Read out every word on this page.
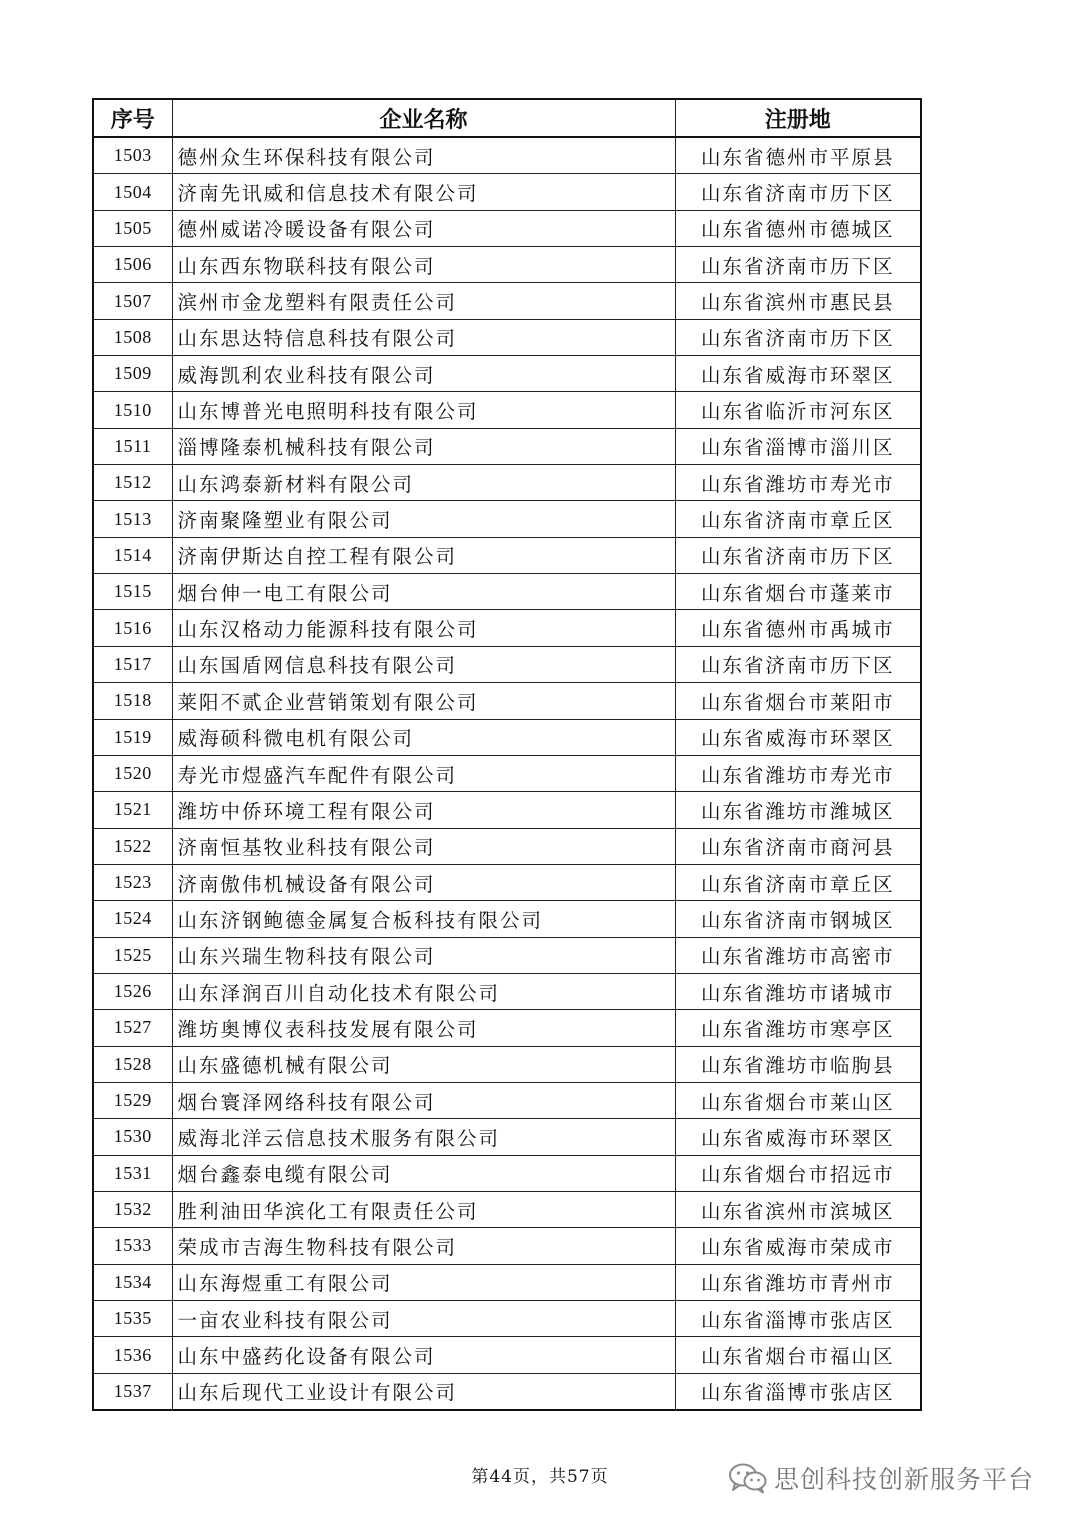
序号	企业名称	注册地
1503	德州众生环保科技有限公司	山东省德州市平原县
1504	济南先讯威和信息技术有限公司	山东省济南市历下区
1505	德州威诺冷暖设备有限公司	山东省德州市德城区
1506	山东西东物联科技有限公司	山东省济南市历下区
1507	滨州市金龙塑料有限责任公司	山东省滨州市惠民县
1508	山东思达特信息科技有限公司	山东省济南市历下区
1509	威海凯利农业科技有限公司	山东省威海市环翠区
1510	山东博普光电照明科技有限公司	山东省临沂市河东区
1511	淄博隆泰机械科技有限公司	山东省淄博市淄川区
1512	山东鸿泰新材料有限公司	山东省潍坊市寿光市
1513	济南聚隆塑业有限公司	山东省济南市章丘区
1514	济南伊斯达自控工程有限公司	山东省济南市历下区
1515	烟台伸一电工有限公司	山东省烟台市蓬莱市
1516	山东汉格动力能源科技有限公司	山东省德州市禹城市
1517	山东国盾网信息科技有限公司	山东省济南市历下区
1518	莱阳不贰企业营销策划有限公司	山东省烟台市莱阳市
1519	威海硕科微电机有限公司	山东省威海市环翠区
1520	寿光市煜盛汽车配件有限公司	山东省潍坊市寿光市
1521	潍坊中侨环境工程有限公司	山东省潍坊市潍城区
1522	济南恒基牧业科技有限公司	山东省济南市商河县
1523	济南傲伟机械设备有限公司	山东省济南市章丘区
1524	山东济钢鲍德金属复合板科技有限公司	山东省济南市钢城区
1525	山东兴瑞生物科技有限公司	山东省潍坊市高密市
1526	山东泽润百川自动化技术有限公司	山东省潍坊市诸城市
1527	潍坊奥博仪表科技发展有限公司	山东省潍坊市寒亭区
1528	山东盛德机械有限公司	山东省潍坊市临朐县
1529	烟台寰泽网络科技有限公司	山东省烟台市莱山区
1530	威海北洋云信息技术服务有限公司	山东省威海市环翠区
1531	烟台鑫泰电缆有限公司	山东省烟台市招远市
1532	胜利油田华滨化工有限责任公司	山东省滨州市滨城区
1533	荣成市吉海生物科技有限公司	山东省威海市荣成市
1534	山东海煜重工有限公司	山东省潍坊市青州市
1535	一亩农业科技有限公司	山东省淄博市张店区
1536	山东中盛药化设备有限公司	山东省烟台市福山区
1537	山东后现代工业设计有限公司	山东省淄博市张店区
第44页，共57页	思创科技创新服务平台
